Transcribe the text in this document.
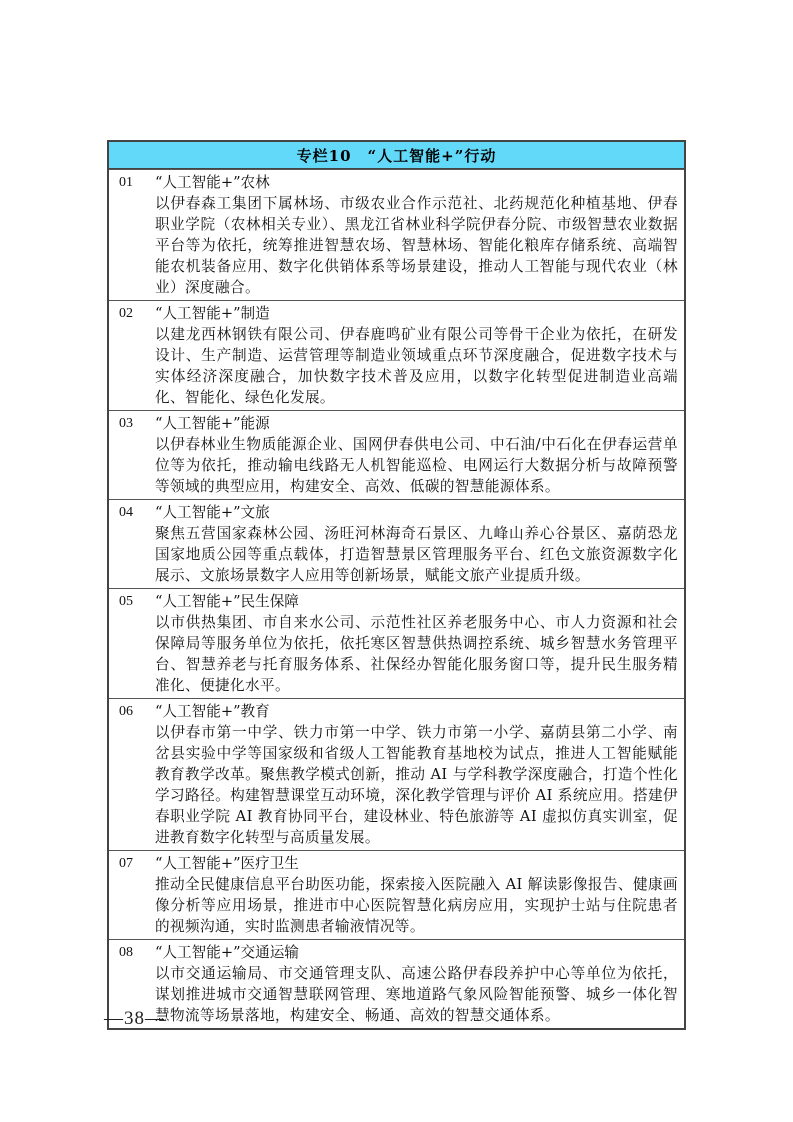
专栏10　“人工智能+”行动
01	“人工智能+”农林

以伊春森工集团下属林场、市级农业合作示范社、北药规范化种植基地、伊春职业学院（农林相关专业）、黑龙江省林业科学院伊春分院、市级智慧农业数据平台等为依托，统筹推进智慧农场、智慧林场、智能化粮库存储系统、高端智能农机装备应用、数字化供销体系等场景建设，推动人工智能与现代农业（林业）深度融合。

02	“人工智能+”制造

以建龙西林钢铁有限公司、伊春鹿鸣矿业有限公司等骨干企业为依托，在研发设计、生产制造、运营管理等制造业领域重点环节深度融合，促进数字技术与实体经济深度融合，加快数字技术普及应用，以数字化转型促进制造业高端化、智能化、绿色化发展。

03	“人工智能+”能源

以伊春林业生物质能源企业、国网伊春供电公司、中石油/中石化在伊春运营单位等为依托，推动输电线路无人机智能巡检、电网运行大数据分析与故障预警等领域的典型应用，构建安全、高效、低碳的智慧能源体系。

04	“人工智能+”文旅

聚焦五营国家森林公园、汤旺河林海奇石景区、九峰山养心谷景区、嘉荫恐龙国家地质公园等重点载体，打造智慧景区管理服务平台、红色文旅资源数字化展示、文旅场景数字人应用等创新场景，赋能文旅产业提质升级。

05	“人工智能+”民生保障

以市供热集团、市自来水公司、示范性社区养老服务中心、市人力资源和社会保障局等服务单位为依托，依托寒区智慧供热调控系统、城乡智慧水务管理平台、智慧养老与托育服务体系、社保经办智能化服务窗口等，提升民生服务精准化、便捷化水平。

06	“人工智能+”教育

以伊春市第一中学、铁力市第一中学、铁力市第一小学、嘉荫县第二小学、南岔县实验中学等国家级和省级人工智能教育基地校为试点，推进人工智能赋能教育教学改革。聚焦教学模式创新，推动 AI 与学科教学深度融合，打造个性化学习路径。构建智慧课堂互动环境，深化教学管理与评价 AI 系统应用。搭建伊春职业学院 AI 教育协同平台，建设林业、特色旅游等 AI 虚拟仿真实训室，促进教育数字化转型与高质量发展。

07	“人工智能+”医疗卫生

推动全民健康信息平台助医功能，探索接入医院融入 AI 解读影像报告、健康画像分析等应用场景，推进市中心医院智慧化病房应用，实现护士站与住院患者的视频沟通，实时监测患者输液情况等。

08	“人工智能+”交通运输

以市交通运输局、市交通管理支队、高速公路伊春段养护中心等单位为依托，谋划推进城市交通智慧联网管理、寒地道路气象风险智能预警、城乡一体化智慧物流等场景落地，构建安全、畅通、高效的智慧交通体系。

—38—
